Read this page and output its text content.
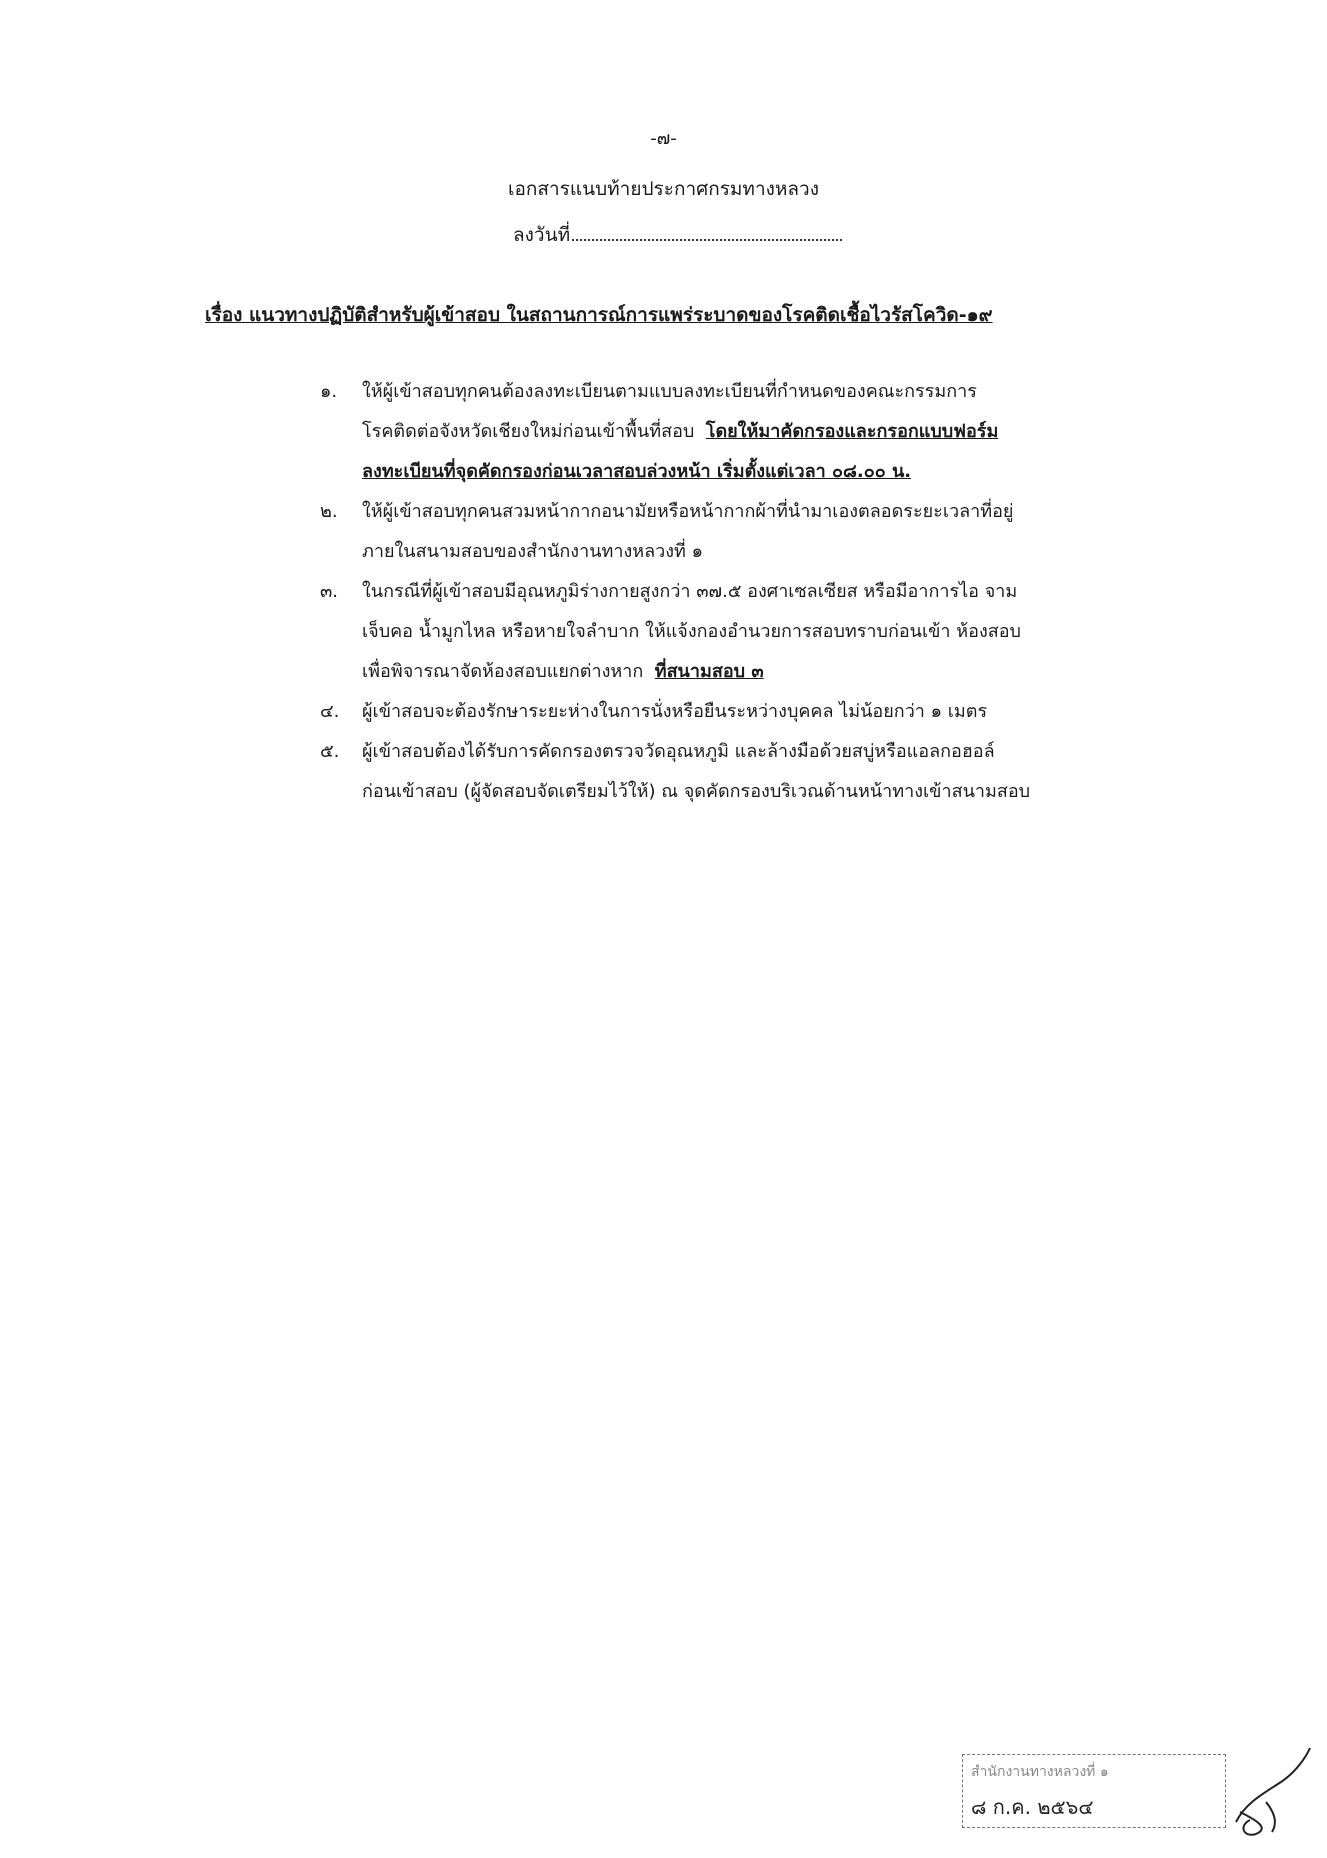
-๗-
เอกสารแนบท้ายประกาศกรมทางหลวง
ลงวันที่
เรื่อง แนวทางปฏิบัติสำหรับผู้เข้าสอบ ในสถานการณ์การแพร่ระบาดของโรคติดเชื้อไวรัสโควิด-๑๙
๑.	ให้ผู้เข้าสอบทุกคนต้องลงทะเบียนตามแบบลงทะเบียนที่กำหนดของคณะกรรมการ
โรคติดต่อจังหวัดเชียงใหม่ก่อนเข้าพื้นที่สอบ โดยให้มาคัดกรองและกรอกแบบฟอร์ม
ลงทะเบียนที่จุดคัดกรองก่อนเวลาสอบล่วงหน้า เริ่มตั้งแต่เวลา ๐๘.๐๐ น.
๒.	ให้ผู้เข้าสอบทุกคนสวมหน้ากากอนามัยหรือหน้ากากผ้าที่นำมาเองตลอดระยะเวลาที่อยู่
ภายในสนามสอบของสำนักงานทางหลวงที่ ๑
๓.	ในกรณีที่ผู้เข้าสอบมีอุณหภูมิร่างกายสูงกว่า ๓๗.๕ องศาเซลเซียส หรือมีอาการไอ จาม
เจ็บคอ น้ำมูกไหล หรือหายใจลำบาก ให้แจ้งกองอำนวยการสอบทราบก่อนเข้า ห้องสอบ
เพื่อพิจารณาจัดห้องสอบแยกต่างหาก ที่สนามสอบ ๓
๔.	ผู้เข้าสอบจะต้องรักษาระยะห่างในการนั่งหรือยืนระหว่างบุคคล ไม่น้อยกว่า ๑ เมตร
๕.	ผู้เข้าสอบต้องได้รับการคัดกรองตรวจวัดอุณหภูมิ และล้างมือด้วยสบู่หรือแอลกอฮอล์
ก่อนเข้าสอบ (ผู้จัดสอบจัดเตรียมไว้ให้) ณ จุดคัดกรองบริเวณด้านหน้าทางเข้าสนามสอบ
สำนักงานทางหลวงที่ ๑
๘ ก.ค. ๒๕๖๔
